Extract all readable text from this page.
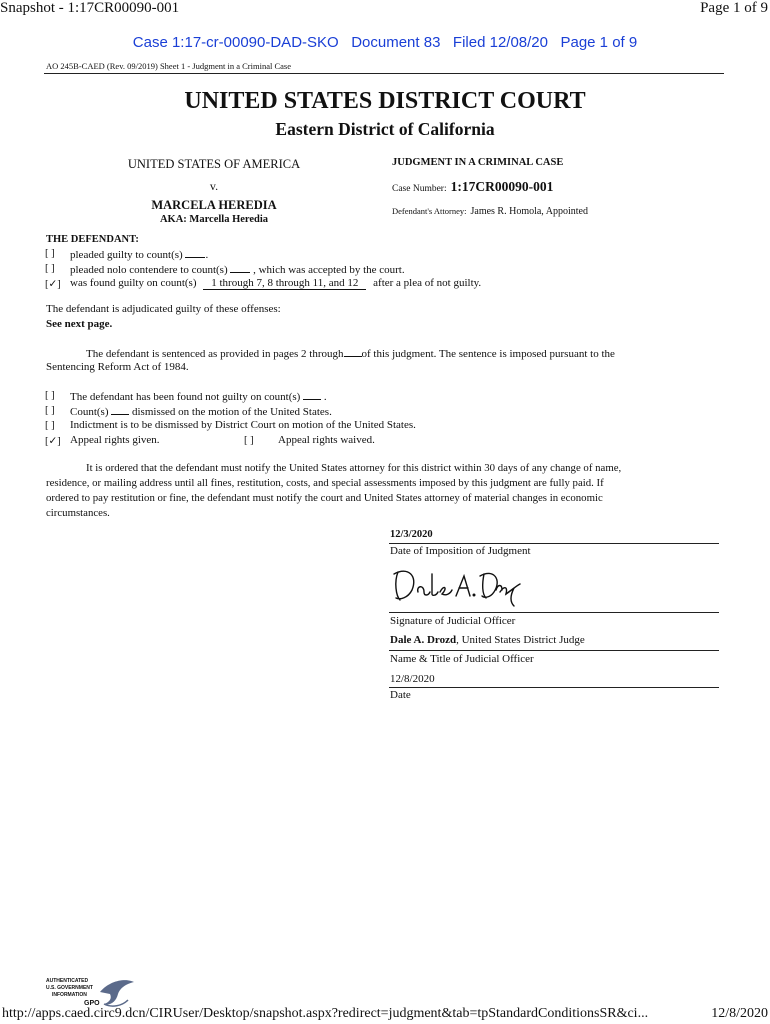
Snapshot - 1:17CR00090-001	Page 1 of 9
Case 1:17-cr-00090-DAD-SKO   Document 83   Filed 12/08/20   Page 1 of 9
AO 245B-CAED (Rev. 09/2019) Sheet 1 - Judgment in a Criminal Case
UNITED STATES DISTRICT COURT
Eastern District of California
UNITED STATES OF AMERICA
v.
MARCELA HEREDIA
AKA: Marcella Heredia
JUDGMENT IN A CRIMINAL CASE
Case Number: 1:17CR00090-001
Defendant's Attorney: James R. Homola, Appointed
THE DEFENDANT:
[ ] pleaded guilty to count(s) .
[ ] pleaded nolo contendere to count(s) , which was accepted by the court.
[✓] was found guilty on count(s) 1 through 7, 8 through 11, and 12 after a plea of not guilty.
The defendant is adjudicated guilty of these offenses:
See next page.
The defendant is sentenced as provided in pages 2 through of this judgment. The sentence is imposed pursuant to the
Sentencing Reform Act of 1984.
[ ] The defendant has been found not guilty on count(s) .
[ ] Count(s) dismissed on the motion of the United States.
[ ] Indictment is to be dismissed by District Court on motion of the United States.
[✓] Appeal rights given.	[ ] Appeal rights waived.
It is ordered that the defendant must notify the United States attorney for this district within 30 days of any change of name,
residence, or mailing address until all fines, restitution, costs, and special assessments imposed by this judgment are fully paid. If
ordered to pay restitution or fine, the defendant must notify the court and United States attorney of material changes in economic
circumstances.
12/3/2020
Date of Imposition of Judgment
Signature of Judicial Officer
Dale A. Drozd, United States District Judge
Name & Title of Judicial Officer
12/8/2020
Date
AUTHENTICATED
U.S. GOVERNMENT
INFORMATION
GPO
http://apps.caed.circ9.dcn/CIRUser/Desktop/snapshot.aspx?redirect=judgment&tab=tpStandardConditionsSR&ci...	12/8/2020
